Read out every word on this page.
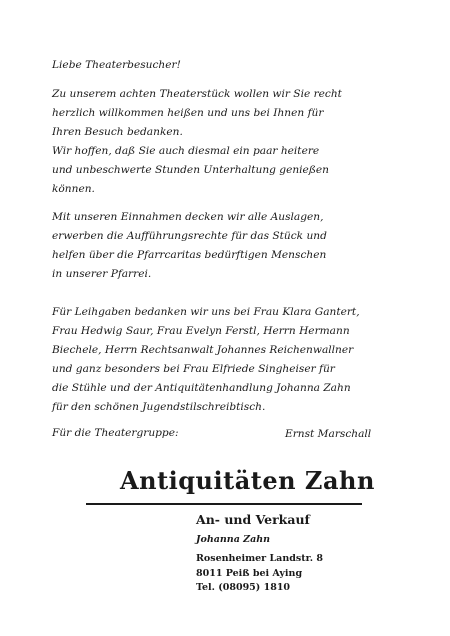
Liebe Theaterbesucher!
Zu unserem achten Theaterstück wollen wir Sie recht
herzlich willkommen heißen und uns bei Ihnen für
Ihren Besuch bedanken.
Wir hoffen, daß Sie auch diesmal ein paar heitere
und unbeschwerte Stunden Unterhaltung genießen
können.
Mit unseren Einnahmen decken wir alle Auslagen,
erwerben die Aufführungsrechte für das Stück und
helfen über die Pfarrcaritas bedürftigen Menschen
in unserer Pfarrei.
Für Leihgaben bedanken wir uns bei Frau Klara Gantert,
Frau Hedwig Saur, Frau Evelyn Ferstl, Herrn Hermann
Biechele, Herrn Rechtsanwalt Johannes Reichenwallner
und ganz besonders bei Frau Elfriede Singheiser für
die Stühle und der Antiquitätenhandlung Johanna Zahn
für den schönen Jugendstilschreibtisch.
Für die Theatergruppe:	Ernst Marschall
Antiquitäten Zahn
An- und Verkauf
Johanna Zahn
Rosenheimer Landstr. 8
8011 Peiß bei Aying
Tel. (08095) 1810
